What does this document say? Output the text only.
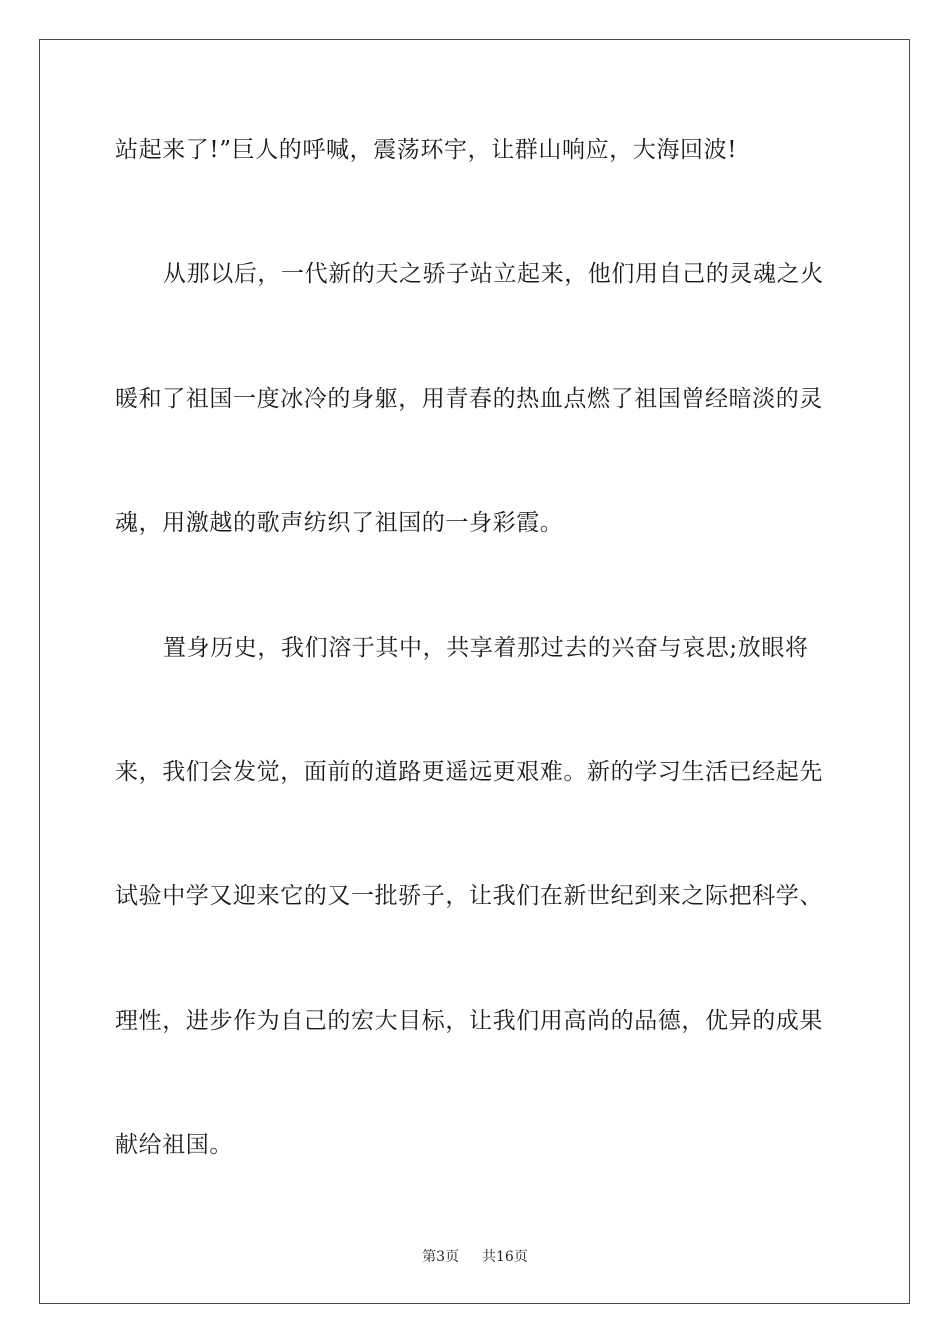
站起来了!”巨人的呼喊，震荡环宇，让群山响应，大海回波!
从那以后，一代新的天之骄子站立起来，他们用自己的灵魂之火
暖和了祖国一度冰冷的身躯，用青春的热血点燃了祖国曾经暗淡的灵
魂，用激越的歌声纺织了祖国的一身彩霞。
置身历史，我们溶于其中，共享着那过去的兴奋与哀思;放眼将
来，我们会发觉，面前的道路更遥远更艰难。新的学习生活已经起先
试验中学又迎来它的又一批骄子，让我们在新世纪到来之际把科学、
理性，进步作为自己的宏大目标，让我们用高尚的品德，优异的成果
献给祖国。
第3页 共16页
